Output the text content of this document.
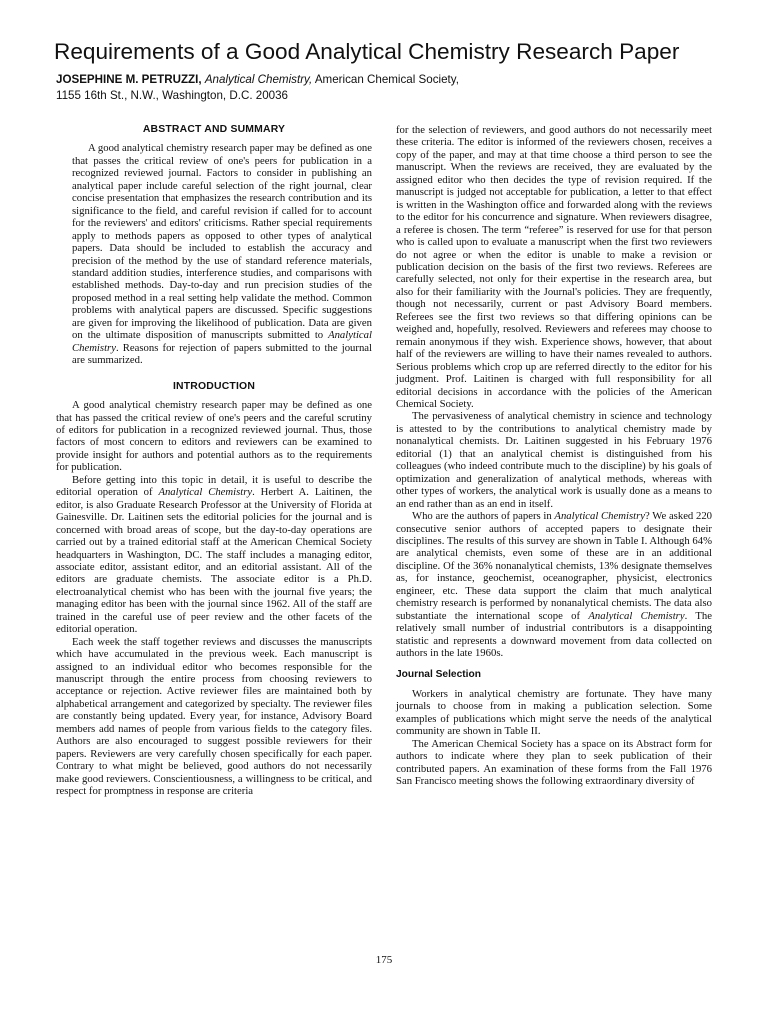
Requirements of a Good Analytical Chemistry Research Paper
JOSEPHINE M. PETRUZZI, Analytical Chemistry, American Chemical Society,
1155 16th St., N.W., Washington, D.C. 20036
ABSTRACT AND SUMMARY

A good analytical chemistry research paper may be defined as one that passes the critical review of one's peers for publication in a recognized reviewed journal. Factors to consider in publishing an analytical paper include careful selection of the right journal, clear concise presentation that emphasizes the research contribution and its significance to the field, and careful revision if called for to account for the reviewers' and editors' criticisms. Rather special requirements apply to methods papers as opposed to other types of analytical papers. Data should be included to establish the accuracy and precision of the method by the use of standard reference materials, standard addition studies, interference studies, and comparisons with established methods. Day-to-day and run precision studies of the proposed method in a real setting help validate the method. Common problems with analytical papers are discussed. Specific suggestions are given for improving the likelihood of publication. Data are given on the ultimate disposition of manuscripts submitted to Analytical Chemistry. Reasons for rejection of papers submitted to the journal are summarized.

INTRODUCTION

A good analytical chemistry research paper may be defined as one that has passed the critical review of one's peers and the careful scrutiny of editors for publication in a recognized reviewed journal. Thus, those factors of most concern to editors and reviewers can be examined to provide insight for authors and potential authors as to the requirements for publication.

Before getting into this topic in detail, it is useful to describe the editorial operation of Analytical Chemistry. Herbert A. Laitinen, the editor, is also Graduate Research Professor at the University of Florida at Gainesville. Dr. Laitinen sets the editorial policies for the journal and is concerned with broad areas of scope, but the day-to-day operations are carried out by a trained editorial staff at the American Chemical Society headquarters in Washington, DC. The staff includes a managing editor, associate editor, assistant editor, and an editorial assistant. All of the editors are graduate chemists. The associate editor is a Ph.D. electroanalytical chemist who has been with the journal five years; the managing editor has been with the journal since 1962. All of the staff are trained in the careful use of peer review and the other facets of the editorial operation.

Each week the staff together reviews and discusses the manuscripts which have accumulated in the previous week. Each manuscript is assigned to an individual editor who becomes responsible for the manuscript through the entire process from choosing reviewers to acceptance or rejection. Active reviewer files are maintained both by alphabetical arrangement and categorized by specialty. The reviewer files are constantly being updated. Every year, for instance, Advisory Board members add names of people from various fields to the category files. Authors are also encouraged to suggest possible reviewers for their papers. Reviewers are very carefully chosen specifically for each paper. Contrary to what might be believed, good authors do not necessarily make good reviewers. Conscientiousness, a willingness to be critical, and respect for promptness in response are criteria

for the selection of reviewers, and good authors do not necessarily meet these criteria. The editor is informed of the reviewers chosen, receives a copy of the paper, and may at that time choose a third person to see the manuscript. When the reviews are received, they are evaluated by the assigned editor who then decides the type of revision required. If the manuscript is judged not acceptable for publication, a letter to that effect is written in the Washington office and forwarded along with the reviews to the editor for his concurrence and signature. When reviewers disagree, a referee is chosen. The term “referee” is reserved for use for that person who is called upon to evaluate a manuscript when the first two reviewers do not agree or when the editor is unable to make a revision or publication decision on the basis of the first two reviews. Referees are carefully selected, not only for their expertise in the research area, but also for their familiarity with the Journal's policies. They are frequently, though not necessarily, current or past Advisory Board members. Referees see the first two reviews so that differing opinions can be weighed and, hopefully, resolved. Reviewers and referees may choose to remain anonymous if they wish. Experience shows, however, that about half of the reviewers are willing to have their names revealed to authors. Serious problems which crop up are referred directly to the editor for his judgment. Prof. Laitinen is charged with full responsibility for all editorial decisions in accordance with the policies of the American Chemical Society.

The pervasiveness of analytical chemistry in science and technology is attested to by the contributions to analytical chemistry made by nonanalytical chemists. Dr. Laitinen suggested in his February 1976 editorial (1) that an analytical chemist is distinguished from his colleagues (who indeed contribute much to the discipline) by his goals of optimization and generalization of analytical methods, whereas with other types of workers, the analytical work is usually done as a means to an end rather than as an end in itself.

Who are the authors of papers in Analytical Chemistry? We asked 220 consecutive senior authors of accepted papers to designate their disciplines. The results of this survey are shown in Table I. Although 64% are analytical chemists, even some of these are in an additional discipline. Of the 36% nonanalytical chemists, 13% designate themselves as, for instance, geochemist, oceanographer, physicist, electronics engineer, etc. These data support the claim that much analytical chemistry research is performed by nonanalytical chemists. The data also substantiate the international scope of Analytical Chemistry. The relatively small number of industrial contributors is a disappointing statistic and represents a downward movement from data collected on authors in the late 1960s.

Journal Selection

Workers in analytical chemistry are fortunate. They have many journals to choose from in making a publication selection. Some examples of publications which might serve the needs of the analytical community are shown in Table II.

The American Chemical Society has a space on its Abstract form for authors to indicate where they plan to seek publication of their contributed papers. An examination of these forms from the Fall 1976 San Francisco meeting shows the following extraordinary diversity of

175
